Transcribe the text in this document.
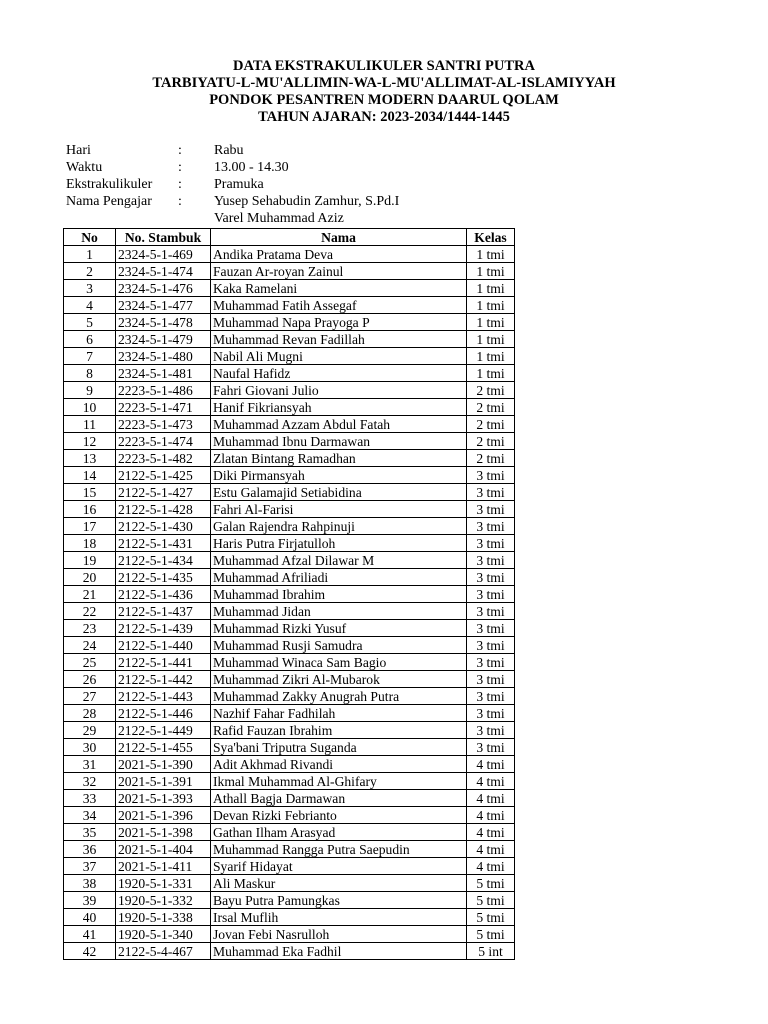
DATA EKSTRAKULIKULER SANTRI PUTRA
TARBIYATU-L-MU'ALLIMIN-WA-L-MU'ALLIMAT-AL-ISLAMIYYAH
PONDOK PESANTREN MODERN DAARUL QOLAM
TAHUN AJARAN: 2023-2034/1444-1445
Hari	:	Rabu
Waktu	:	13.00 - 14.30
Ekstrakulikuler	:	Pramuka
Nama Pengajar	:	Yusep Sehabudin Zamhur, S.Pd.I
Varel Muhammad Aziz
No	No. Stambuk	Nama	Kelas
1	2324-5-1-469	Andika Pratama Deva	1 tmi
2	2324-5-1-474	Fauzan Ar-royan Zainul	1 tmi
3	2324-5-1-476	Kaka Ramelani	1 tmi
4	2324-5-1-477	Muhammad Fatih Assegaf	1 tmi
5	2324-5-1-478	Muhammad Napa Prayoga P	1 tmi
6	2324-5-1-479	Muhammad Revan Fadillah	1 tmi
7	2324-5-1-480	Nabil Ali Mugni	1 tmi
8	2324-5-1-481	Naufal Hafidz	1 tmi
9	2223-5-1-486	Fahri Giovani Julio	2 tmi
10	2223-5-1-471	Hanif Fikriansyah	2 tmi
11	2223-5-1-473	Muhammad Azzam Abdul Fatah	2 tmi
12	2223-5-1-474	Muhammad Ibnu Darmawan	2 tmi
13	2223-5-1-482	Zlatan Bintang Ramadhan	2 tmi
14	2122-5-1-425	Diki Pirmansyah	3 tmi
15	2122-5-1-427	Estu Galamajid Setiabidina	3 tmi
16	2122-5-1-428	Fahri Al-Farisi	3 tmi
17	2122-5-1-430	Galan Rajendra Rahpinuji	3 tmi
18	2122-5-1-431	Haris Putra Firjatulloh	3 tmi
19	2122-5-1-434	Muhammad Afzal Dilawar M	3 tmi
20	2122-5-1-435	Muhammad Afriliadi	3 tmi
21	2122-5-1-436	Muhammad Ibrahim	3 tmi
22	2122-5-1-437	Muhammad Jidan	3 tmi
23	2122-5-1-439	Muhammad Rizki Yusuf	3 tmi
24	2122-5-1-440	Muhammad Rusji Samudra	3 tmi
25	2122-5-1-441	Muhammad Winaca Sam Bagio	3 tmi
26	2122-5-1-442	Muhammad Zikri Al-Mubarok	3 tmi
27	2122-5-1-443	Muhammad Zakky Anugrah Putra	3 tmi
28	2122-5-1-446	Nazhif Fahar Fadhilah	3 tmi
29	2122-5-1-449	Rafid Fauzan Ibrahim	3 tmi
30	2122-5-1-455	Sya'bani Triputra Suganda	3 tmi
31	2021-5-1-390	Adit Akhmad Rivandi	4 tmi
32	2021-5-1-391	Ikmal Muhammad Al-Ghifary	4 tmi
33	2021-5-1-393	Athall Bagja Darmawan	4 tmi
34	2021-5-1-396	Devan Rizki Febrianto	4 tmi
35	2021-5-1-398	Gathan Ilham Arasyad	4 tmi
36	2021-5-1-404	Muhammad Rangga Putra Saepudin	4 tmi
37	2021-5-1-411	Syarif Hidayat	4 tmi
38	1920-5-1-331	Ali Maskur	5 tmi
39	1920-5-1-332	Bayu Putra Pamungkas	5 tmi
40	1920-5-1-338	Irsal Muflih	5 tmi
41	1920-5-1-340	Jovan Febi Nasrulloh	5 tmi
42	2122-5-4-467	Muhammad Eka Fadhil	5 int
